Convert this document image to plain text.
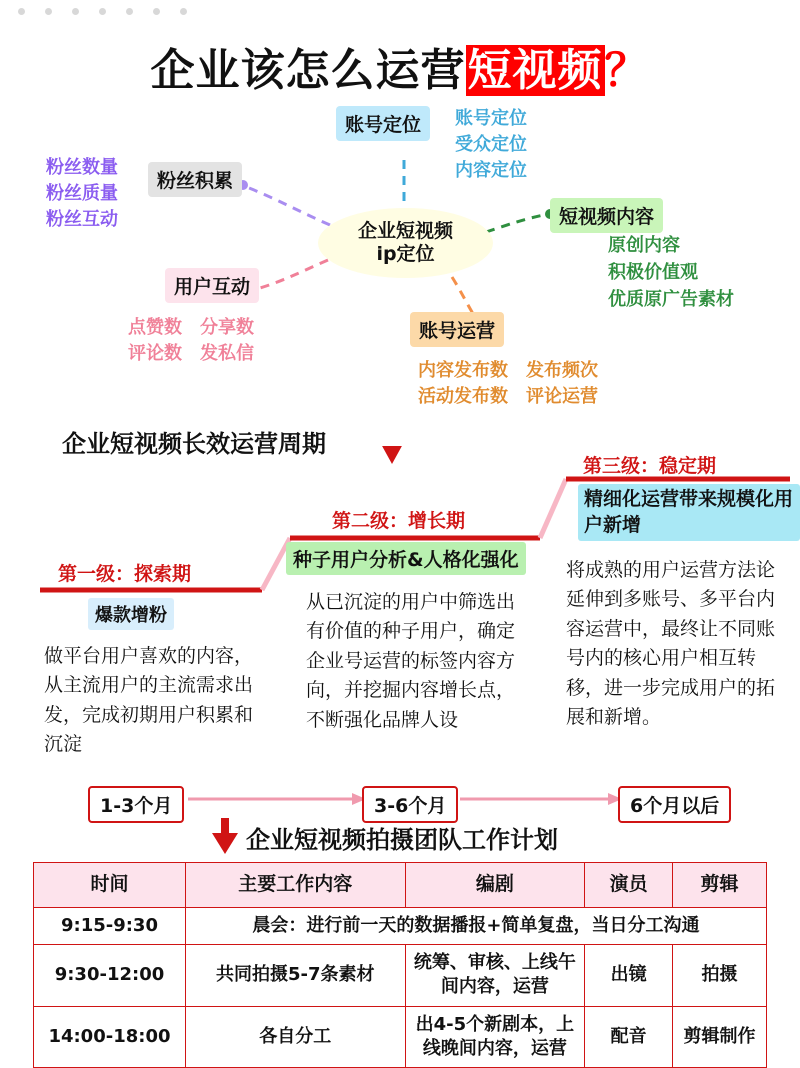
企业该怎么运营短视频？
企业短视频
ip定位
账号定位	账号定位
受众定位
内容定位
粉丝积累
粉丝数量
粉丝质量
粉丝互动
用户互动
点赞数　分享数
评论数　发私信
短视频内容
原创内容
积极价值观
优质原广告素材
账号运营
内容发布数　发布频次
活动发布数　评论运营
企业短视频长效运营周期
第一级：探索期
爆款增粉
做平台用户喜欢的内容，从主流用户的主流需求出发，完成初期用户积累和沉淀
1-3个月
第二级：增长期
种子用户分析&人格化强化
从已沉淀的用户中筛选出有价值的种子用户，确定企业号运营的标签内容方向，并挖掘内容增长点，不断强化品牌人设
3-6个月
第三级：稳定期
精细化运营带来规模化用户新增
将成熟的用户运营方法论延伸到多账号、多平台内容运营中，最终让不同账号内的核心用户相互转移，进一步完成用户的拓展和新增。
6个月以后
企业短视频拍摄团队工作计划
时间	主要工作内容	编剧	演员	剪辑
9:15-9:30	晨会：进行前一天的数据播报+简单复盘，当日分工沟通			
9:30-12:00	共同拍摄5-7条素材	统筹、审核、上线午间内容，运营	出镜	拍摄
14:00-18:00	各自分工	出4-5个新剧本，上线晚间内容，运营	配音	剪辑制作
